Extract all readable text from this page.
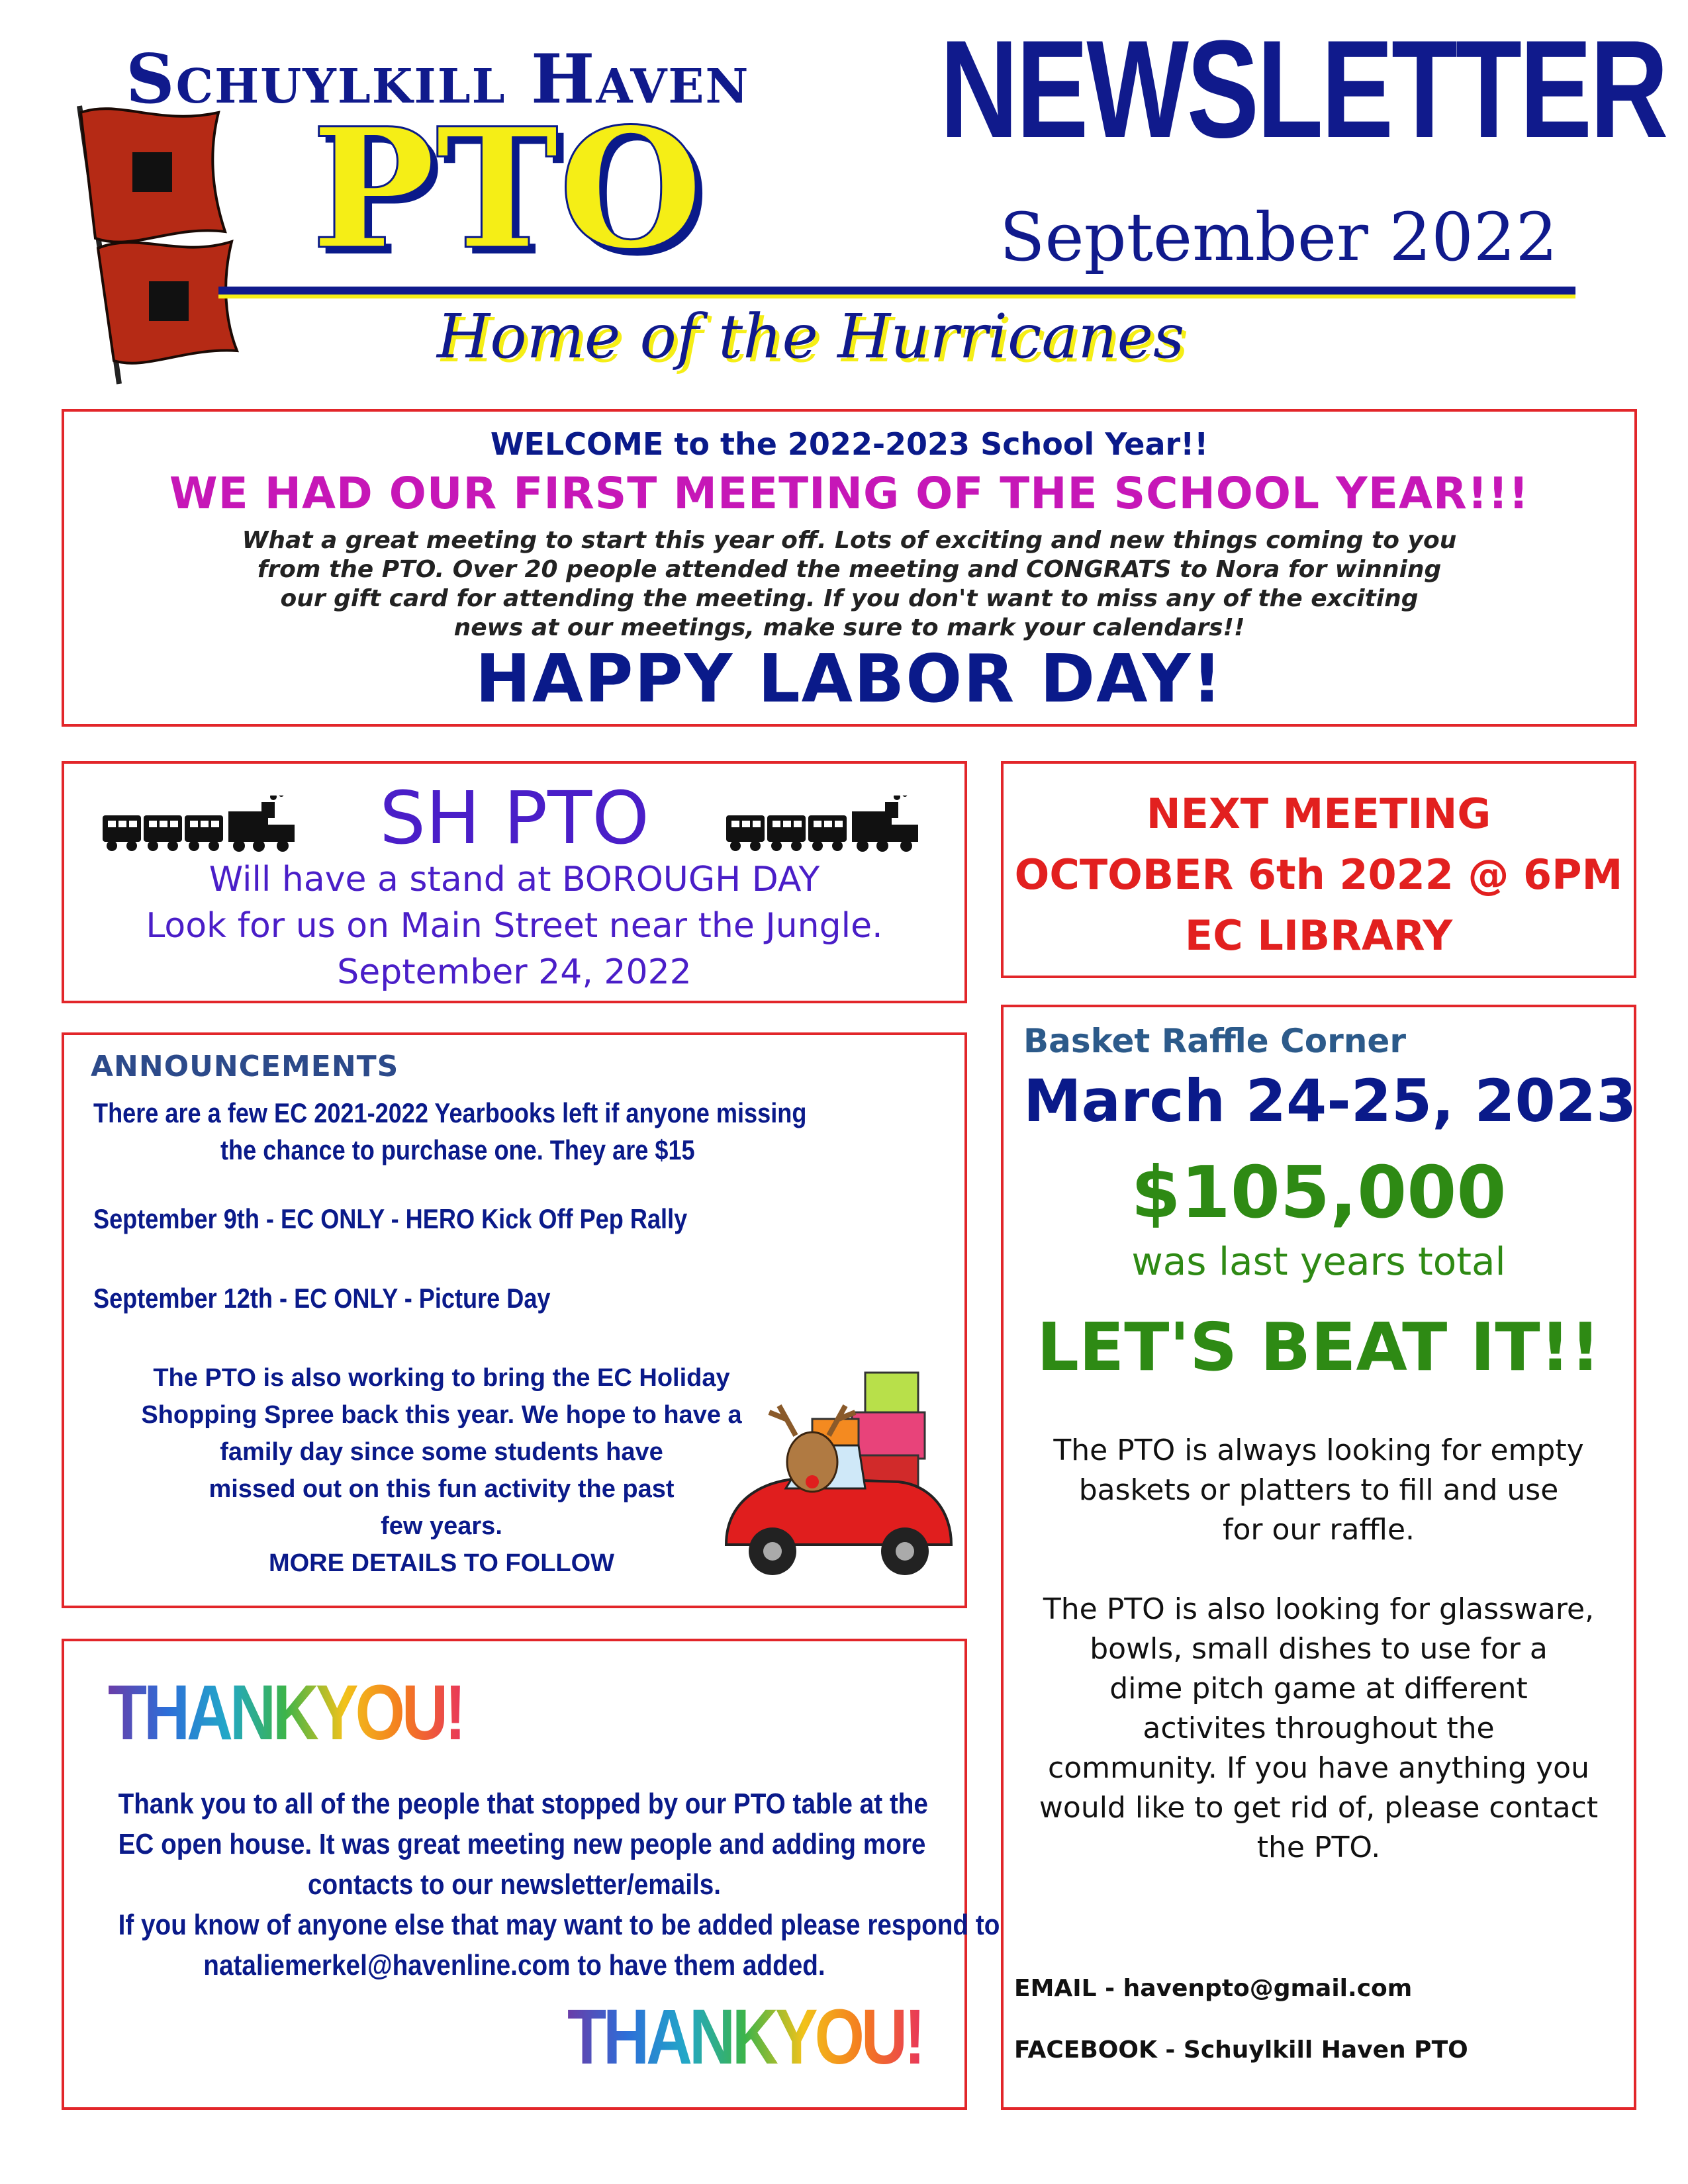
Schuylkill Haven
PTO
NEWSLETTER
September 2022
Home of the Hurricanes
WELCOME to the 2022-2023 School Year!!
WE HAD OUR FIRST MEETING OF THE SCHOOL YEAR!!!
What a great meeting to start this year off. Lots of exciting and new things coming to you
from the PTO. Over 20 people attended the meeting and CONGRATS to Nora for winning
our gift card for attending the meeting. If you don't want to miss any of the exciting
news at our meetings, make sure to mark your calendars!!
HAPPY LABOR DAY!
SH PTO
Will have a stand at BOROUGH DAY
Look for us on Main Street near the Jungle.
September 24, 2022
NEXT MEETING
OCTOBER 6th 2022 @ 6PM
EC LIBRARY
ANNOUNCEMENTS
There are a few EC 2021-2022 Yearbooks left if anyone missing
the chance to purchase one. They are $15
September 9th - EC ONLY - HERO Kick Off Pep Rally
September 12th - EC ONLY - Picture Day
The PTO is also working to bring the EC Holiday
Shopping Spree back this year. We hope to have a
family day since some students have
missed out on this fun activity the past
few years.
MORE DETAILS TO FOLLOW
Basket Raffle Corner
March 24-25, 2023
$105,000
was last years total
LET'S BEAT IT!!
The PTO is always looking for empty
baskets or platters to fill and use
for our raffle.
The PTO is also looking for glassware,
bowls, small dishes to use for a
dime pitch game at different
activites throughout the
community. If you have anything you
would like to get rid of, please contact
the PTO.
EMAIL - havenpto@gmail.com
FACEBOOK - Schuylkill Haven PTO
THANKYOU!
Thank you to all of the people that stopped by our PTO table at the
EC open house. It was great meeting new people and adding more
contacts to our newsletter/emails.
If you know of anyone else that may want to be added please respond to
nataliemerkel@havenline.com to have them added.
THANKYOU!
